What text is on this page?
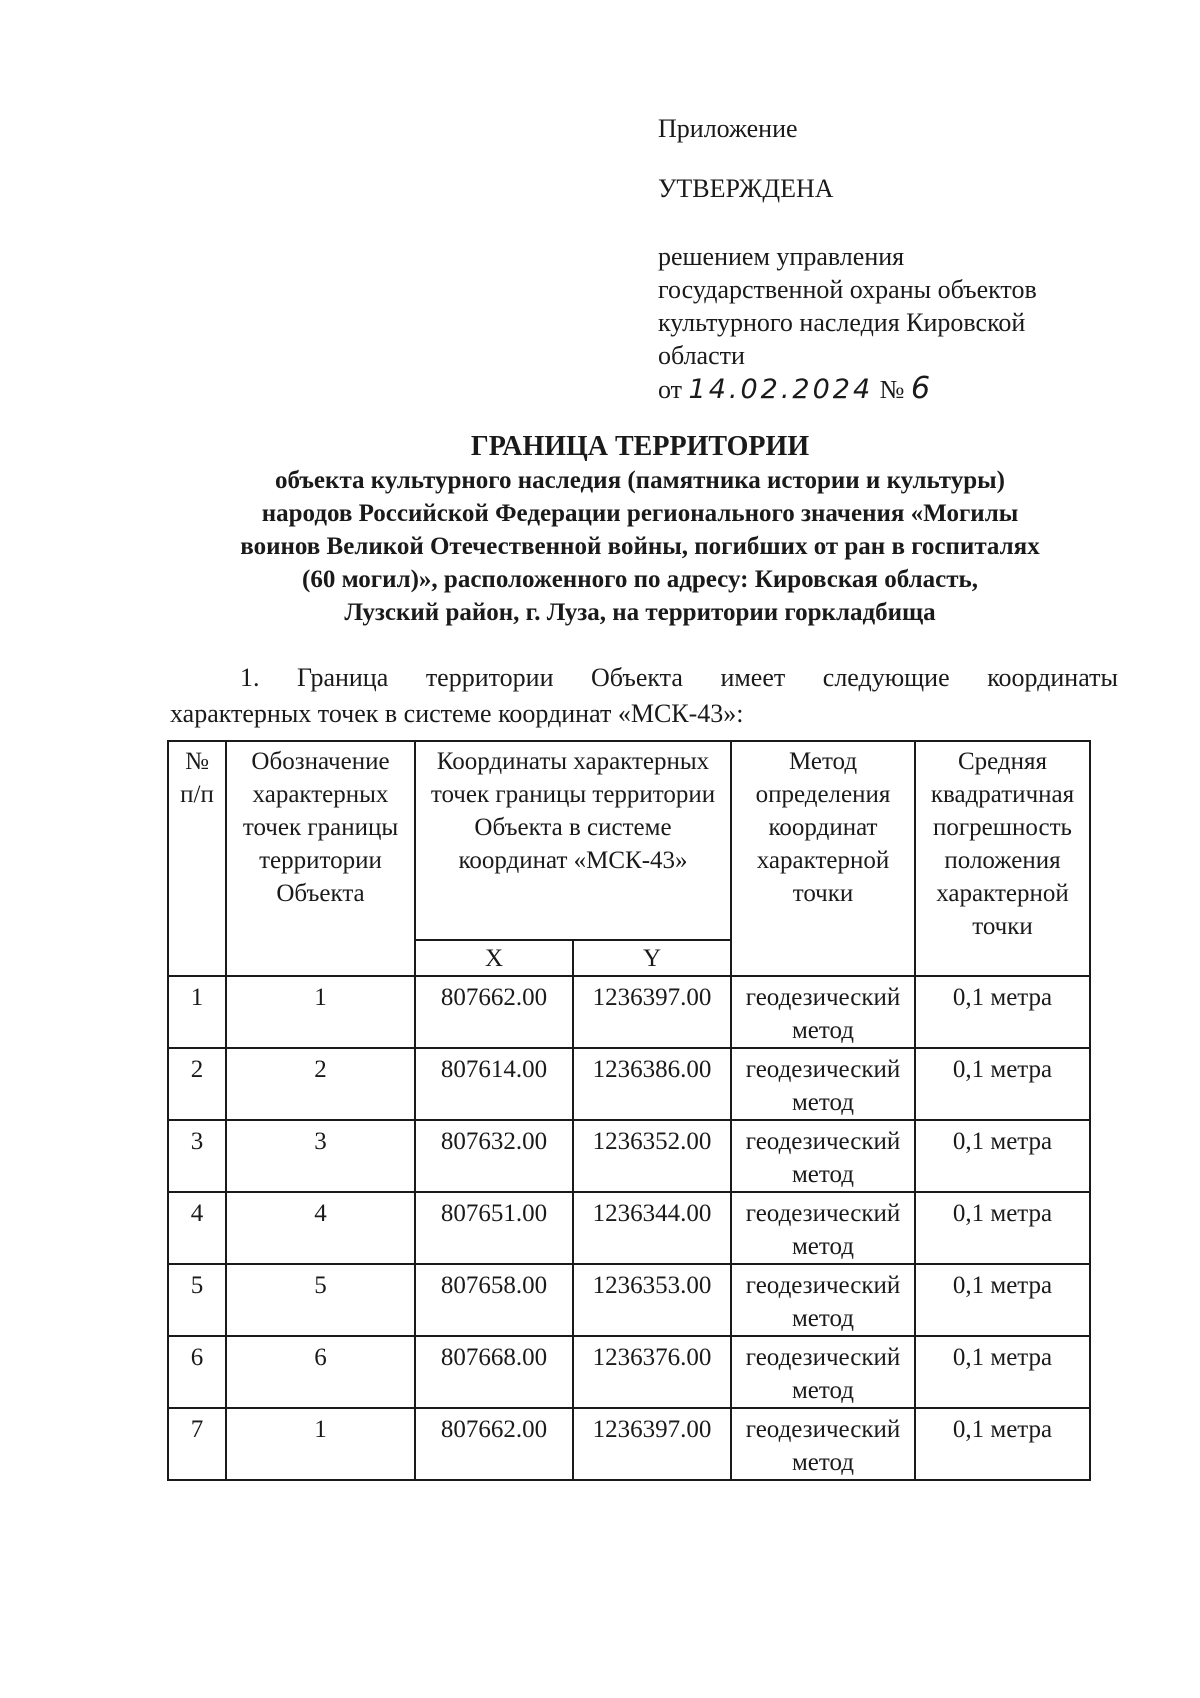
Приложение
УТВЕРЖДЕНА
решением управления
государственной охраны объектов
культурного наследия Кировской
области
от 14.02.2024 № 6
ГРАНИЦА ТЕРРИТОРИИ
объекта культурного наследия (памятника истории и культуры)
народов Российской Федерации регионального значения «Могилы
воинов Великой Отечественной войны, погибших от ран в госпиталях
(60 могил)», расположенного по адресу: Кировская область,
Лузский район, г. Луза, на территории горкладбища
1. Граница территории Объекта имеет следующие координаты
характерных точек в системе координат «МСК-43»:
№ п/п	Обозначение характерных точек границы территории Объекта	Координаты характерных точек границы территории Объекта в системе координат «МСК-43»		Метод определения координат характерной точки	Средняя квадратичная погрешность положения характерной точки
		X	Y		
1	1	807662.00	1236397.00	геодезический метод	0,1 метра
2	2	807614.00	1236386.00	геодезический метод	0,1 метра
3	3	807632.00	1236352.00	геодезический метод	0,1 метра
4	4	807651.00	1236344.00	геодезический метод	0,1 метра
5	5	807658.00	1236353.00	геодезический метод	0,1 метра
6	6	807668.00	1236376.00	геодезический метод	0,1 метра
7	1	807662.00	1236397.00	геодезический метод	0,1 метра
